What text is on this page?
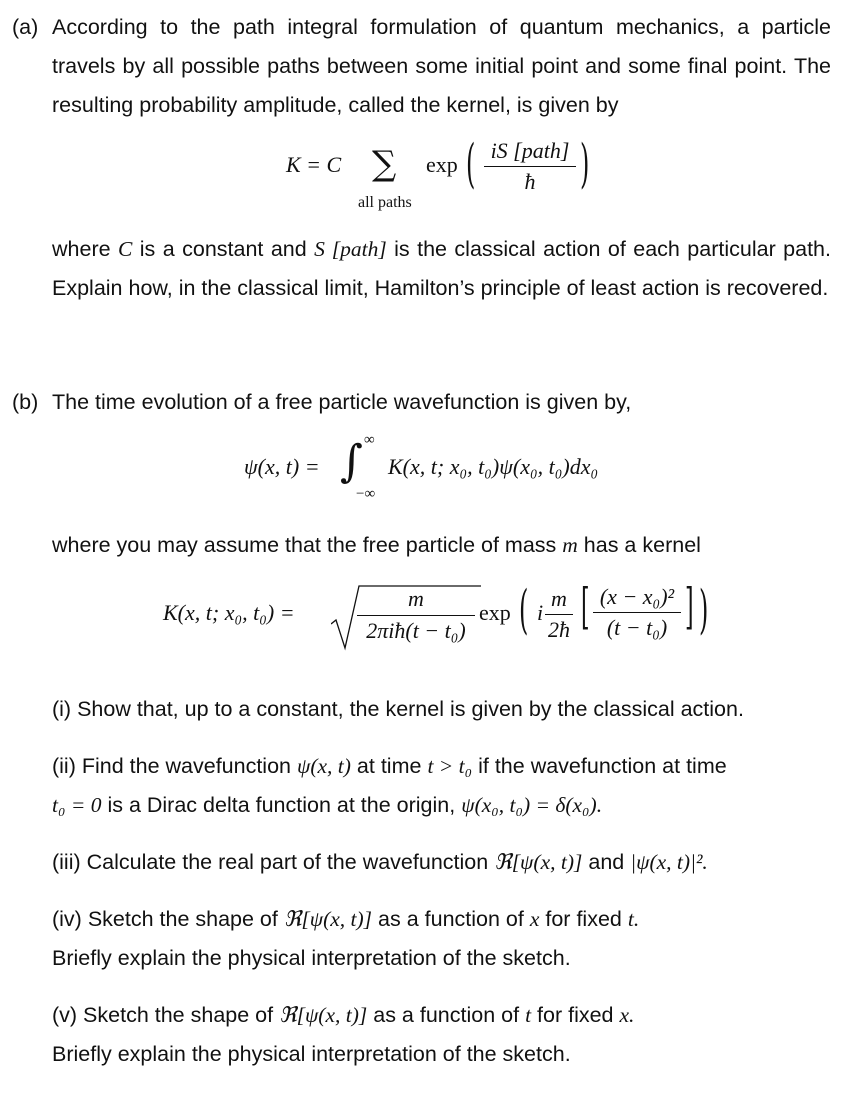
(a) According to the path integral formulation of quantum mechanics, a particle travels by all possible paths between some initial point and some final point. The resulting probability amplitude, called the kernel, is given by

K = C ∑
all paths
exp ( iS [path]
ħ	)

where C is a constant and S [path] is the classical action of each particular path. Explain how, in the classical limit, Hamilton’s principle of least action is recovered.

(b) The time evolution of a free particle wavefunction is given by,

ψ(x, t) = ∫ ∞
−∞
K(x, t; x₀, t₀)ψ(x₀, t₀)dx₀
where you may assume that the free particle of mass m has a kernel
K(x, t; x₀, t₀) =
m
2πiħ(t − t₀)
exp ( i
m
2ħ [ $\frac{\text{(x − x₀)²}}{\text{(t − t₀)}}$ ] )
(i) Show that, up to a constant, the kernel is given by the classical action.
(ii) Find the wavefunction ψ(x, t) at time t > t₀ if the wavefunction at time
t₀ = 0 is a Dirac delta function at the origin, ψ(x₀, t₀) = δ(x₀).
(iii) Calculate the real part of the wavefunction ℜ[ψ(x, t)] and |ψ(x, t)|².
(iv) Sketch the shape of ℜ[ψ(x, t)] as a function of x for fixed t.
Briefly explain the physical interpretation of the sketch.
(v) Sketch the shape of ℜ[ψ(x, t)] as a function of t for fixed x.
Briefly explain the physical interpretation of the sketch.
